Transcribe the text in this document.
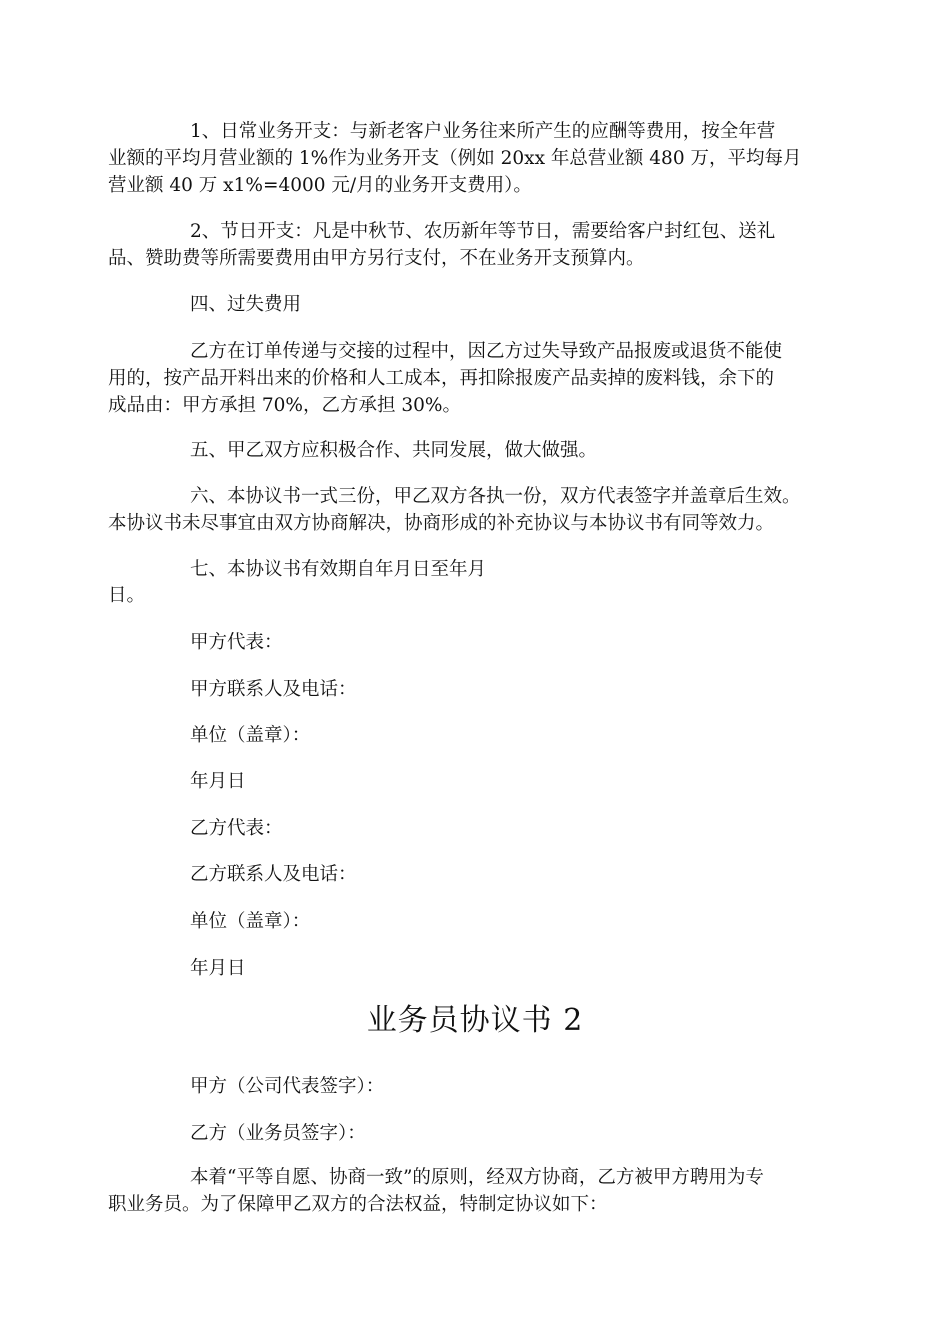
1、日常业务开支：与新老客户业务往来所产生的应酬等费用，按全年营
业额的平均月营业额的 1%作为业务开支（例如 20xx 年总营业额 480 万，平均每月
营业额 40 万 x1%=4000 元/月的业务开支费用）。
2、节日开支：凡是中秋节、农历新年等节日，需要给客户封红包、送礼
品、赞助费等所需要费用由甲方另行支付，不在业务开支预算内。
四、过失费用
乙方在订单传递与交接的过程中，因乙方过失导致产品报废或退货不能使
用的，按产品开料出来的价格和人工成本，再扣除报废产品卖掉的废料钱，余下的
成品由：甲方承担 70%，乙方承担 30%。
五、甲乙双方应积极合作、共同发展，做大做强。
六、本协议书一式三份，甲乙双方各执一份，双方代表签字并盖章后生效。
本协议书未尽事宜由双方协商解决，协商形成的补充协议与本协议书有同等效力。
七、本协议书有效期自年月日至年月
日。
甲方代表：
甲方联系人及电话：
单位（盖章）：
年月日
乙方代表：
乙方联系人及电话：
单位（盖章）：
年月日
业务员协议书 2
甲方（公司代表签字）：
乙方（业务员签字）：
本着“平等自愿、协商一致”的原则，经双方协商，乙方被甲方聘用为专
职业务员。为了保障甲乙双方的合法权益，特制定协议如下：
